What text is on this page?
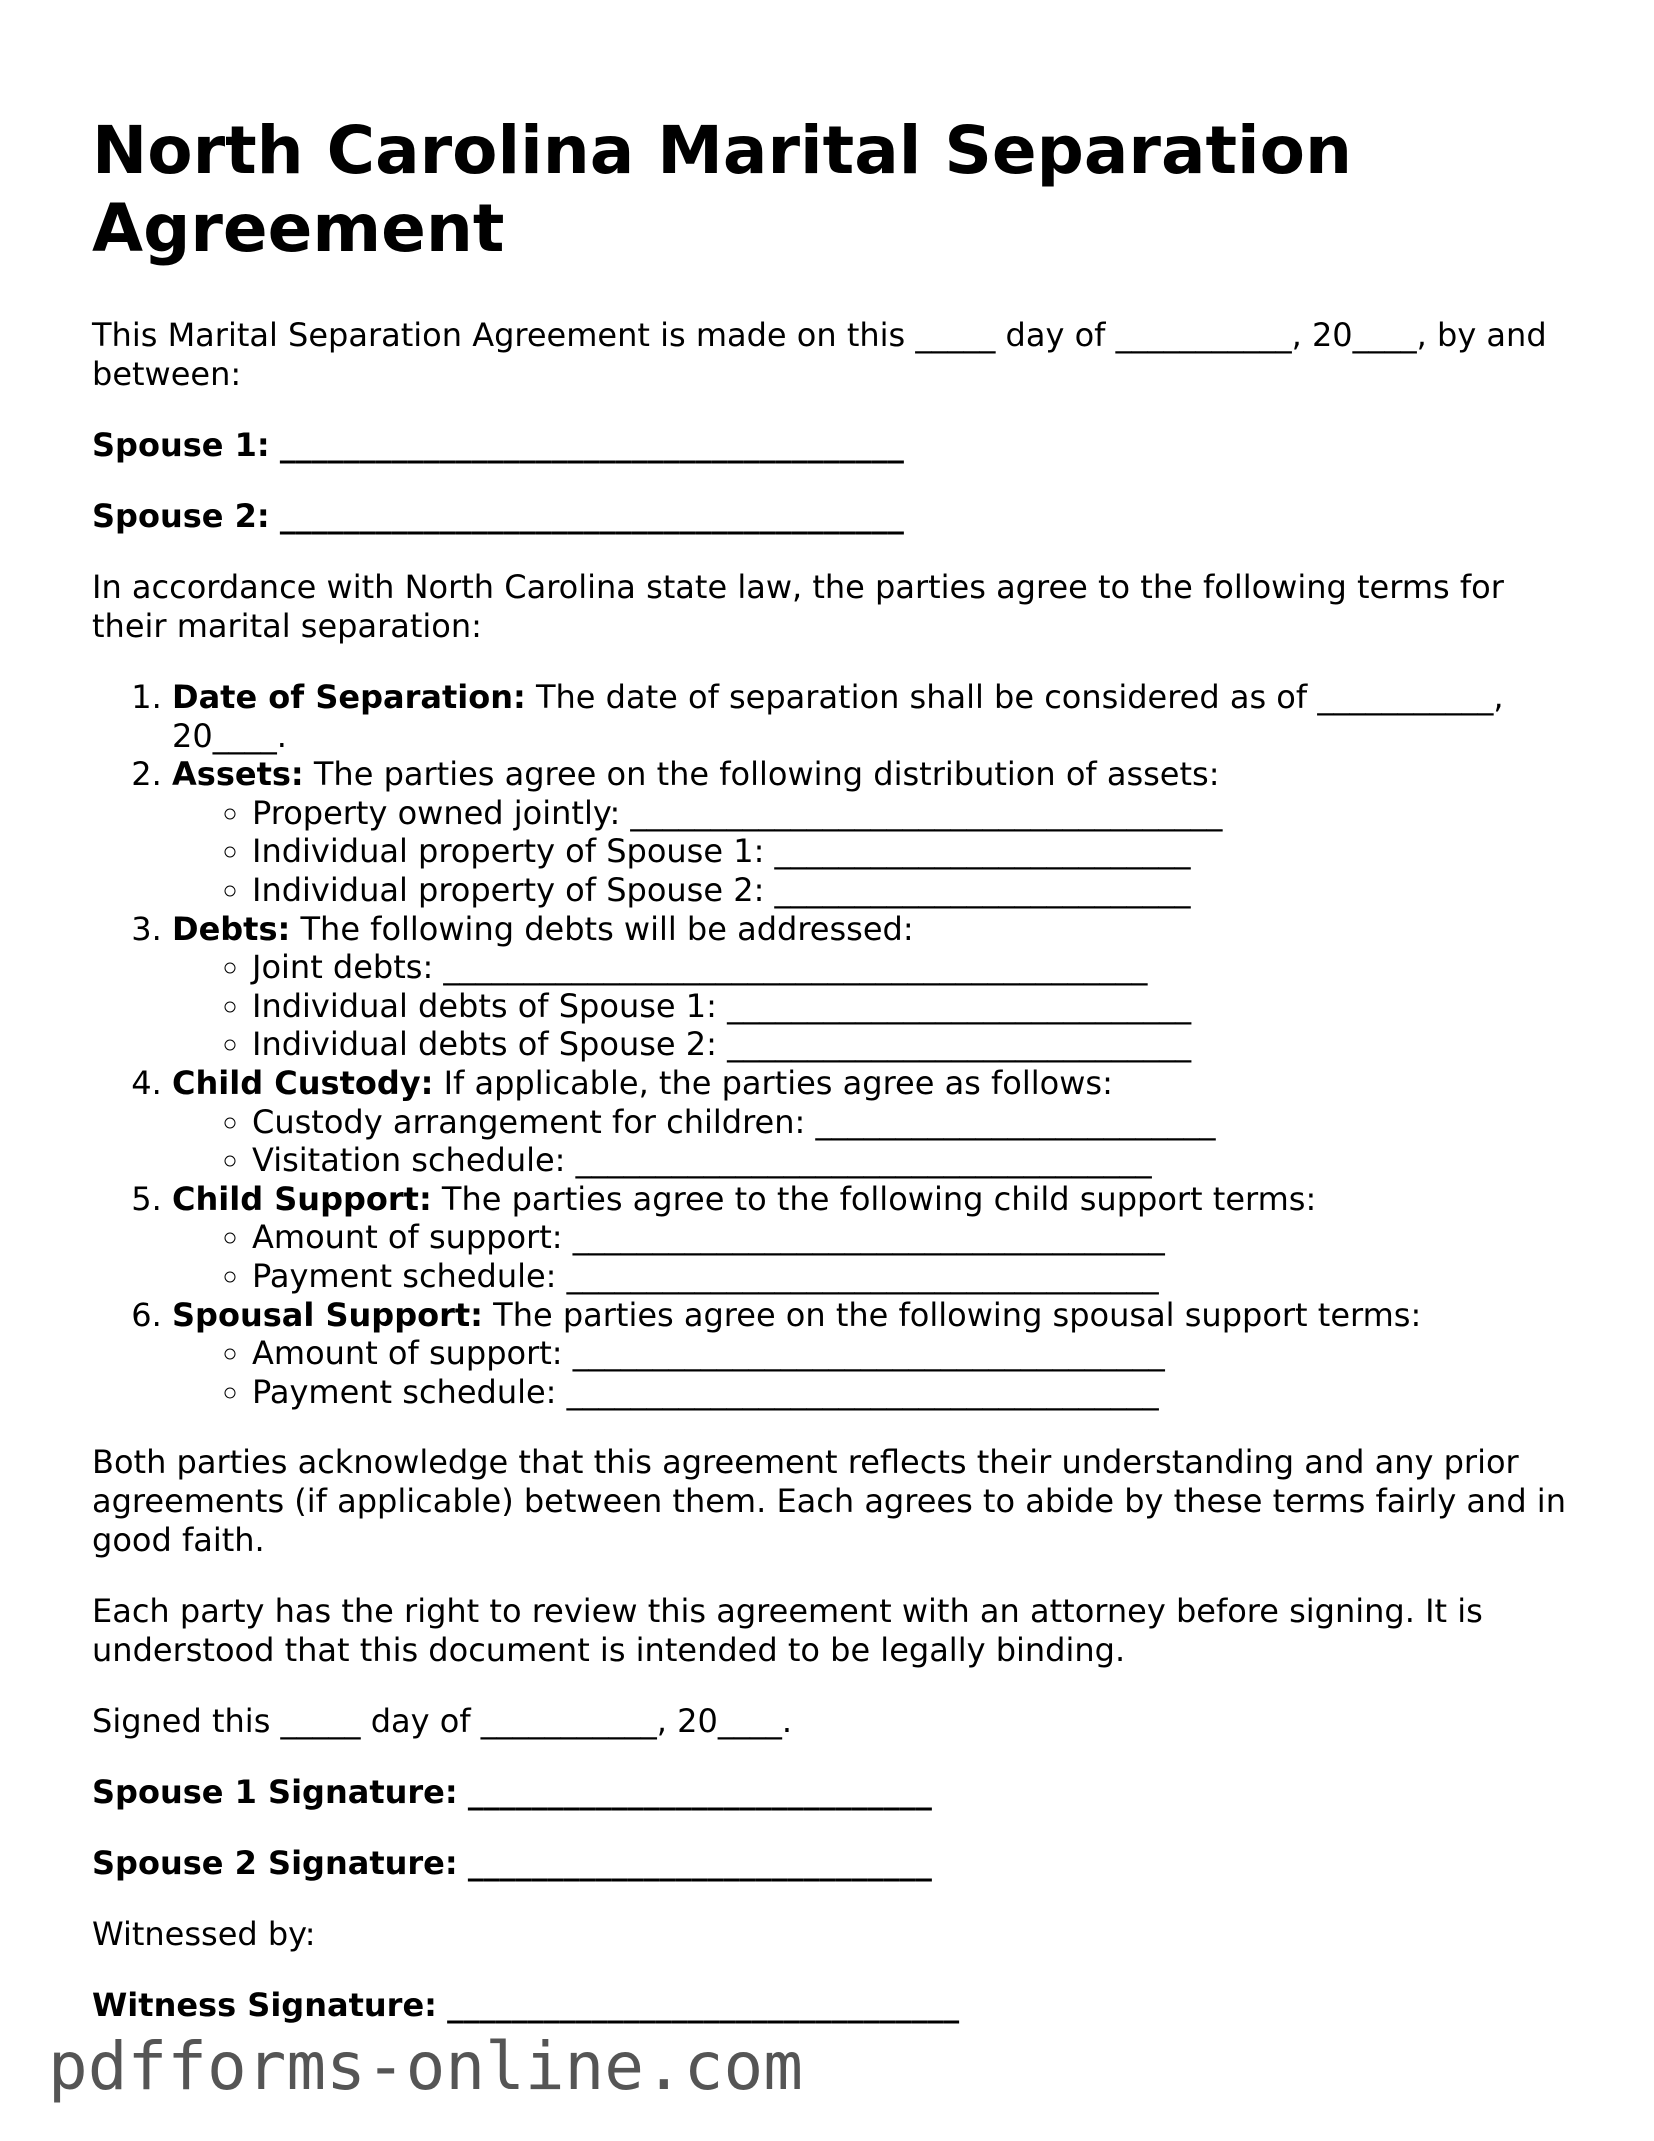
North Carolina Marital Separation Agreement

This Marital Separation Agreement is made on this _____ day of ___________, 20____, by and between:

Spouse 1: _______________________________________

Spouse 2: _______________________________________

In accordance with North Carolina state law, the parties agree to the following terms for their marital separation:

1. Date of Separation: The date of separation shall be considered as of ___________, 20____.
2. Assets: The parties agree on the following distribution of assets:
◦ Property owned jointly: _____________________________________
◦ Individual property of Spouse 1: __________________________
◦ Individual property of Spouse 2: __________________________
3. Debts: The following debts will be addressed:
◦ Joint debts: ____________________________________________
◦ Individual debts of Spouse 1: _____________________________
◦ Individual debts of Spouse 2: _____________________________
4. Child Custody: If applicable, the parties agree as follows:
◦ Custody arrangement for children: _________________________
◦ Visitation schedule: ____________________________________
5. Child Support: The parties agree to the following child support terms:
◦ Amount of support: _____________________________________
◦ Payment schedule: _____________________________________
6. Spousal Support: The parties agree on the following spousal support terms:
◦ Amount of support: _____________________________________
◦ Payment schedule: _____________________________________

Both parties acknowledge that this agreement reflects their understanding and any prior agreements (if applicable) between them. Each agrees to abide by these terms fairly and in good faith.

Each party has the right to review this agreement with an attorney before signing. It is understood that this document is intended to be legally binding.

Signed this _____ day of ___________, 20____.

Spouse 1 Signature: _____________________________

Spouse 2 Signature: _____________________________

Witnessed by:

Witness Signature: ________________________________

pdfforms-online.com
